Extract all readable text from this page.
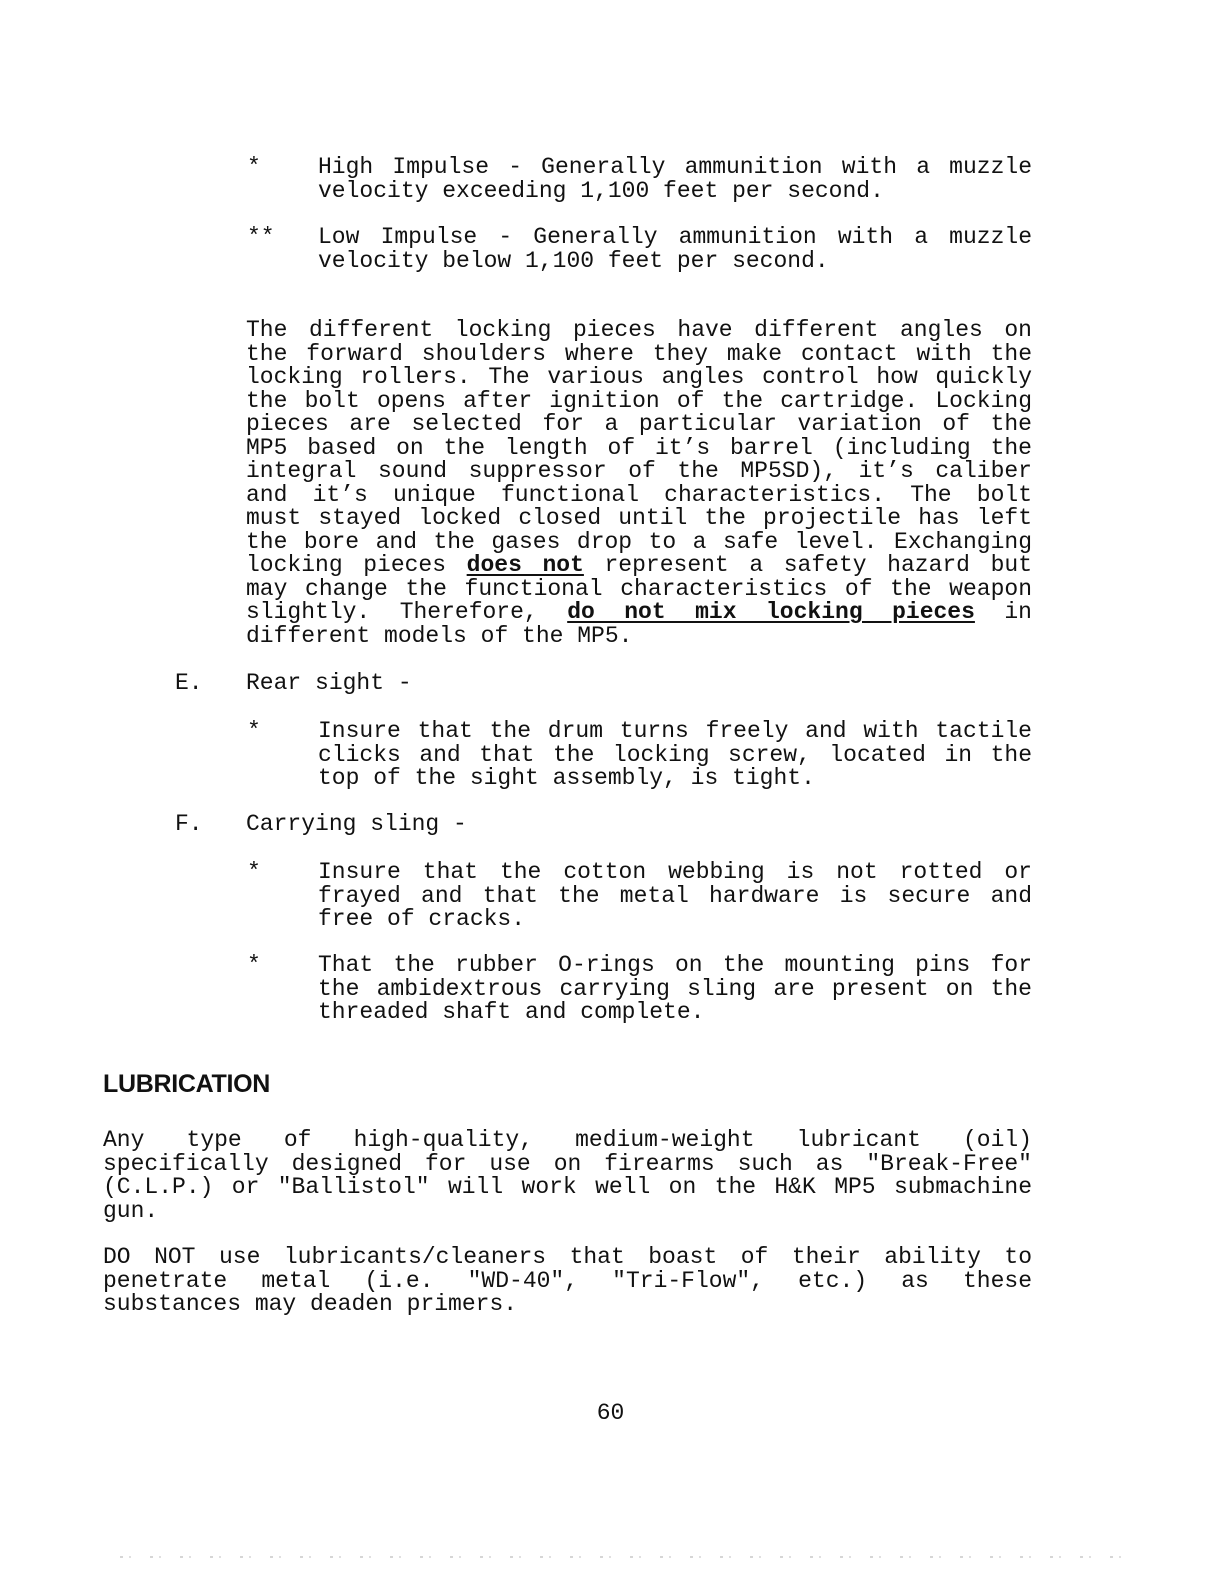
* High Impulse - Generally ammunition with a muzzle velocity exceeding 1,100 feet per second.
** Low Impulse - Generally ammunition with a muzzle velocity below 1,100 feet per second.
The different locking pieces have different angles on the forward shoulders where they make contact with the locking rollers. The various angles control how quickly the bolt opens after ignition of the cartridge. Locking pieces are selected for a particular variation of the MP5 based on the length of it’s barrel (including the integral sound suppressor of the MP5SD), it’s caliber and it’s unique functional characteristics. The bolt must stayed locked closed until the projectile has left the bore and the gases drop to a safe level. Exchanging locking pieces does not represent a safety hazard but may change the functional characteristics of the weapon slightly. Therefore, do not mix locking pieces in different models of the MP5.
E. Rear sight -
* Insure that the drum turns freely and with tactile clicks and that the locking screw, located in the top of the sight assembly, is tight.
F. Carrying sling -
* Insure that the cotton webbing is not rotted or frayed and that the metal hardware is secure and free of cracks.
* That the rubber O-rings on the mounting pins for the ambidextrous carrying sling are present on the threaded shaft and complete.
LUBRICATION
Any type of high-quality, medium-weight lubricant (oil) specifically designed for use on firearms such as "Break-Free" (C.L.P.) or "Ballistol" will work well on the H&K MP5 submachine gun.
DO NOT use lubricants/cleaners that boast of their ability to penetrate metal (i.e. "WD-40", "Tri-Flow", etc.) as these substances may deaden primers.
60
